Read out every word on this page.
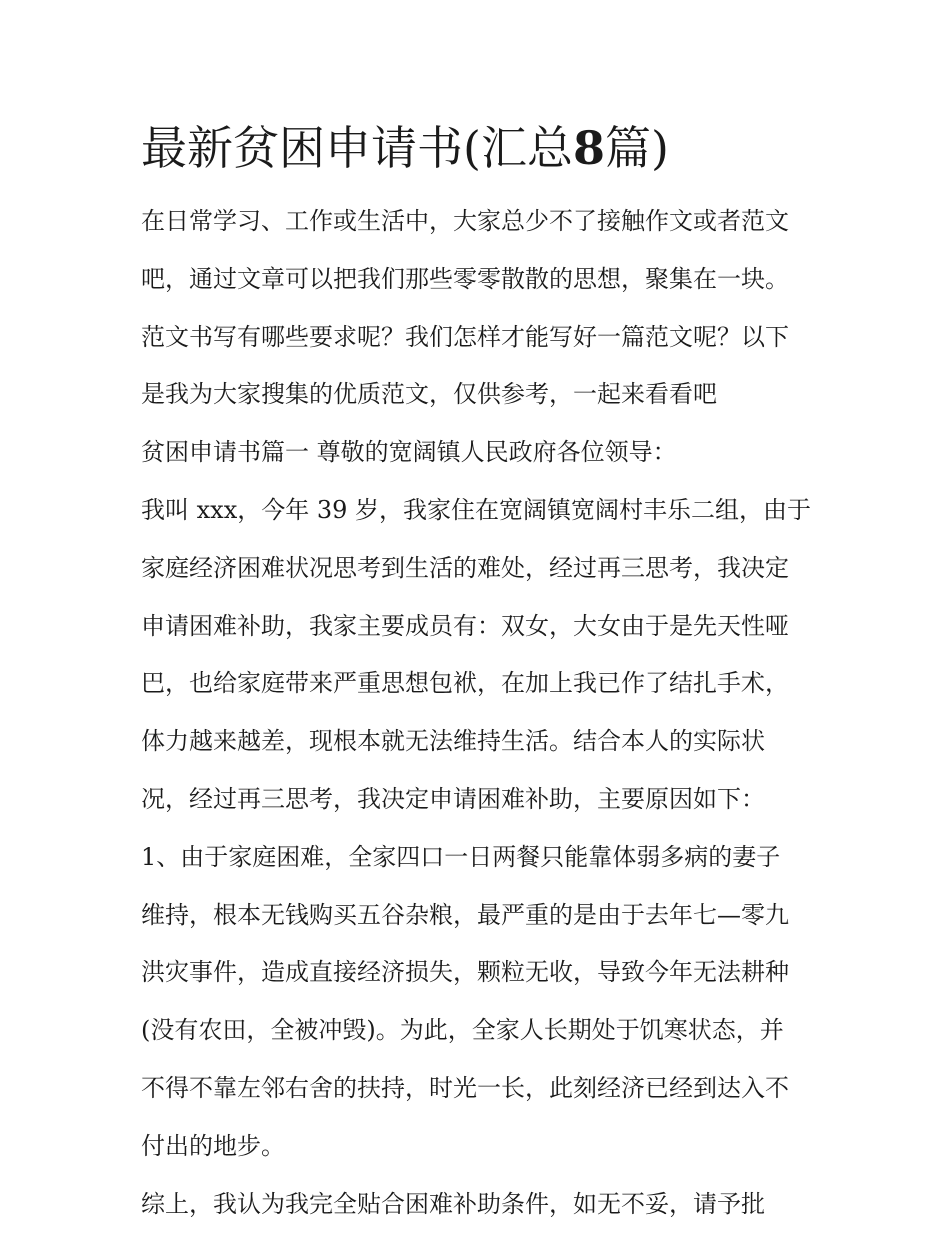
最新贫困申请书(汇总8篇)

在日常学习、工作或生活中，大家总少不了接触作文或者范文

吧，通过文章可以把我们那些零零散散的思想，聚集在一块。

范文书写有哪些要求呢？我们怎样才能写好一篇范文呢？以下

是我为大家搜集的优质范文，仅供参考，一起来看看吧

贫困申请书篇一 尊敬的宽阔镇人民政府各位领导：

我叫 xxx，今年 39 岁，我家住在宽阔镇宽阔村丰乐二组，由于

家庭经济困难状况思考到生活的难处，经过再三思考，我决定

申请困难补助，我家主要成员有：双女，大女由于是先天性哑

巴，也给家庭带来严重思想包袱，在加上我已作了结扎手术，

体力越来越差，现根本就无法维持生活。结合本人的实际状

况，经过再三思考，我决定申请困难补助，主要原因如下：

1、由于家庭困难，全家四口一日两餐只能靠体弱多病的妻子

维持，根本无钱购买五谷杂粮，最严重的是由于去年七—零九

洪灾事件，造成直接经济损失，颗粒无收，导致今年无法耕种

(没有农田，全被冲毁)。为此，全家人长期处于饥寒状态，并

不得不靠左邻右舍的扶持，时光一长，此刻经济已经到达入不

付出的地步。

综上，我认为我完全贴合困难补助条件，如无不妥，请予批
